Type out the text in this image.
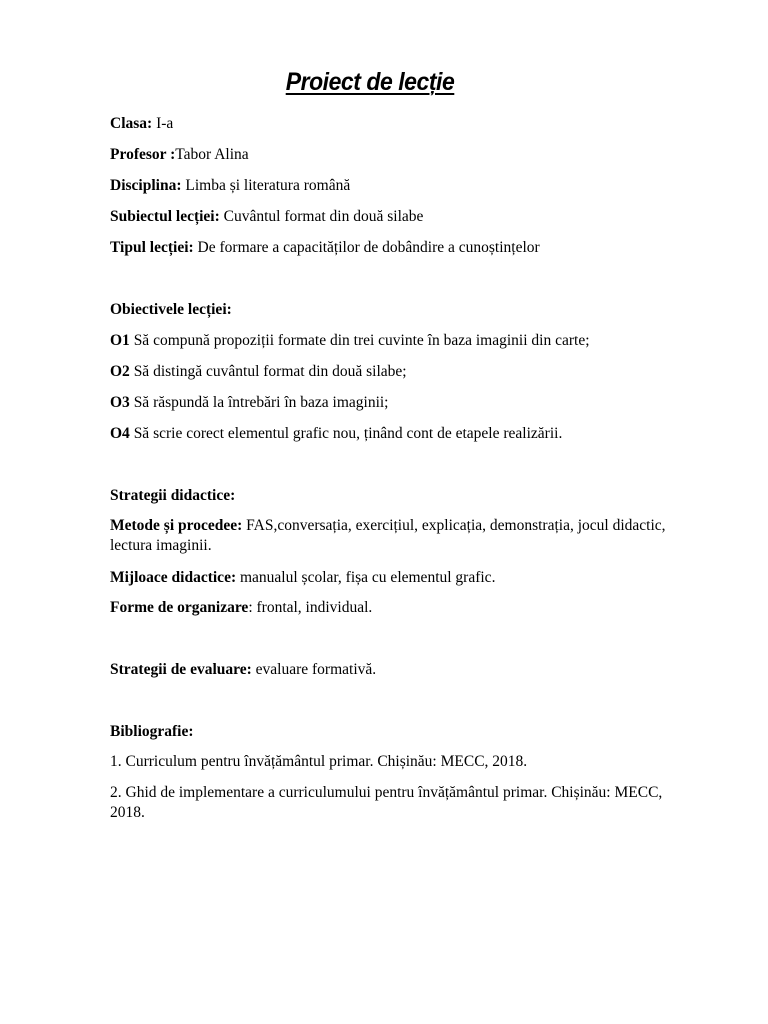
Proiect de lecție
Clasa: I-a
Profesor :Tabor Alina
Disciplina: Limba și literatura română
Subiectul lecției: Cuvântul format din două silabe
Tipul lecției: De formare a capacităților de dobândire a cunoștințelor
Obiectivele lecției:
O1 Să compună propoziții formate din trei cuvinte în baza imaginii din carte;
O2 Să distingă cuvântul format din două silabe;
O3 Să răspundă la întrebări în baza imaginii;
O4 Să scrie corect elementul grafic nou, ținând cont de etapele realizării.
Strategii didactice:
Metode și procedee: FAS,conversația, exercițiul, explicația, demonstrația, jocul didactic, lectura imaginii.
Mijloace didactice: manualul școlar, fișa cu elementul grafic.
Forme de organizare: frontal, individual.
Strategii de evaluare: evaluare formativă.
Bibliografie:
1. Curriculum pentru învățământul primar. Chișinău: MECC, 2018.
2. Ghid de implementare a curriculumului pentru învățământul primar. Chișinău: MECC, 2018.
